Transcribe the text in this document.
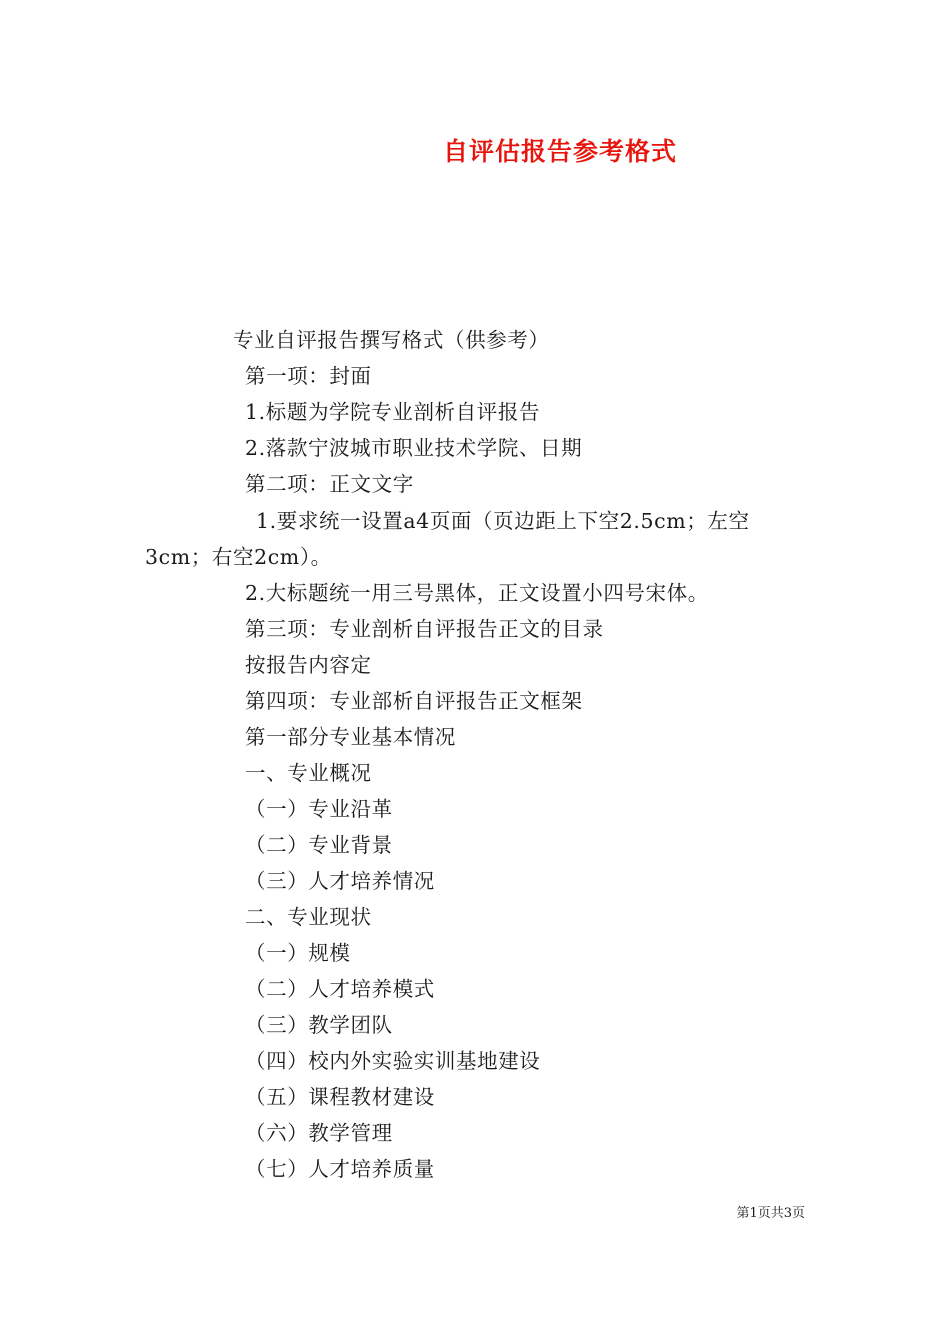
自评估报告参考格式
专业自评报告撰写格式（供参考）
第一项：封面
1.标题为学院专业剖析自评报告
2.落款宁波城市职业技术学院、日期
第二项：正文文字
1.要求统一设置a4页面（页边距上下空2.5cm；左空
3cm；右空2cm）。
2.大标题统一用三号黑体，正文设置小四号宋体。
第三项：专业剖析自评报告正文的目录
按报告内容定
第四项：专业部析自评报告正文框架
第一部分专业基本情况
一、专业概况
（一）专业沿革
（二）专业背景
（三）人才培养情况
二、专业现状
（一）规模
（二）人才培养模式
（三）教学团队
（四）校内外实验实训基地建设
（五）课程教材建设
（六）教学管理
（七）人才培养质量
第1页共3页
